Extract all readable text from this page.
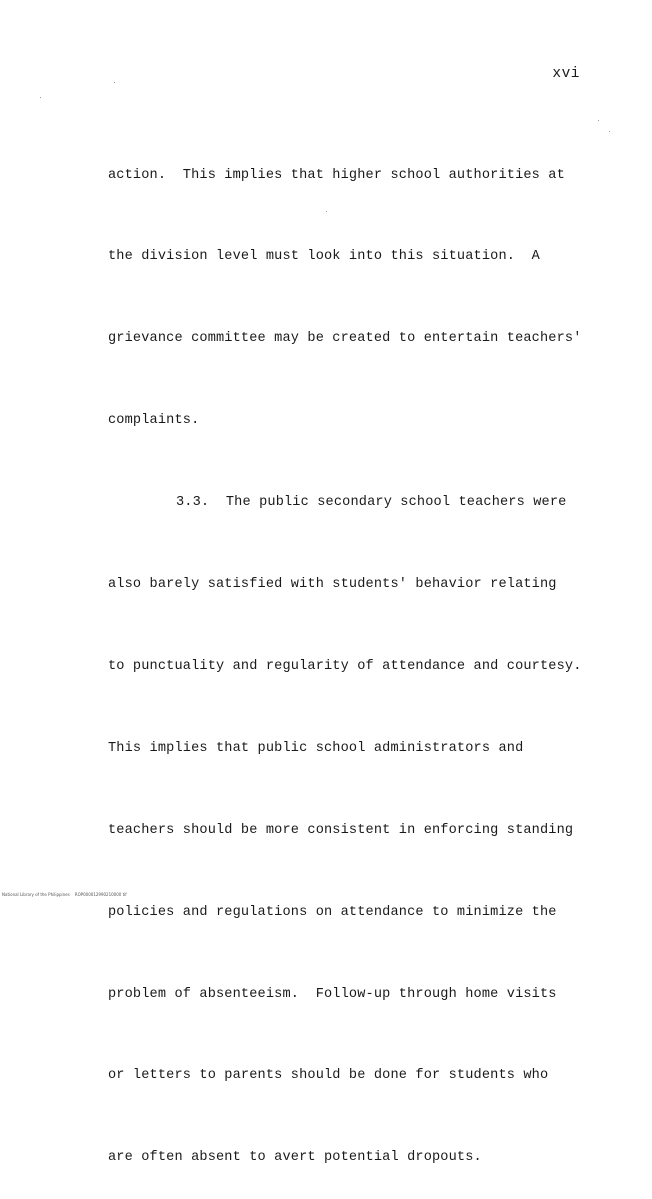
xvi

action.  This implies that higher school authorities at

the division level must look into this situation.  A

grievance committee may be created to entertain teachers'

complaints.

3.3.  The public secondary school teachers were

also barely satisfied with students' behavior relating

to punctuality and regularity of attendance and courtesy.

This implies that public school administrators and

teachers should be more consistent in enforcing standing

policies and regulations on attendance to minimize the

problem of absenteeism.  Follow-up through home visits

or letters to parents should be done for students who

are often absent to avert potential dropouts.

National Library of the Philippines    ROP000012990210000 tif
